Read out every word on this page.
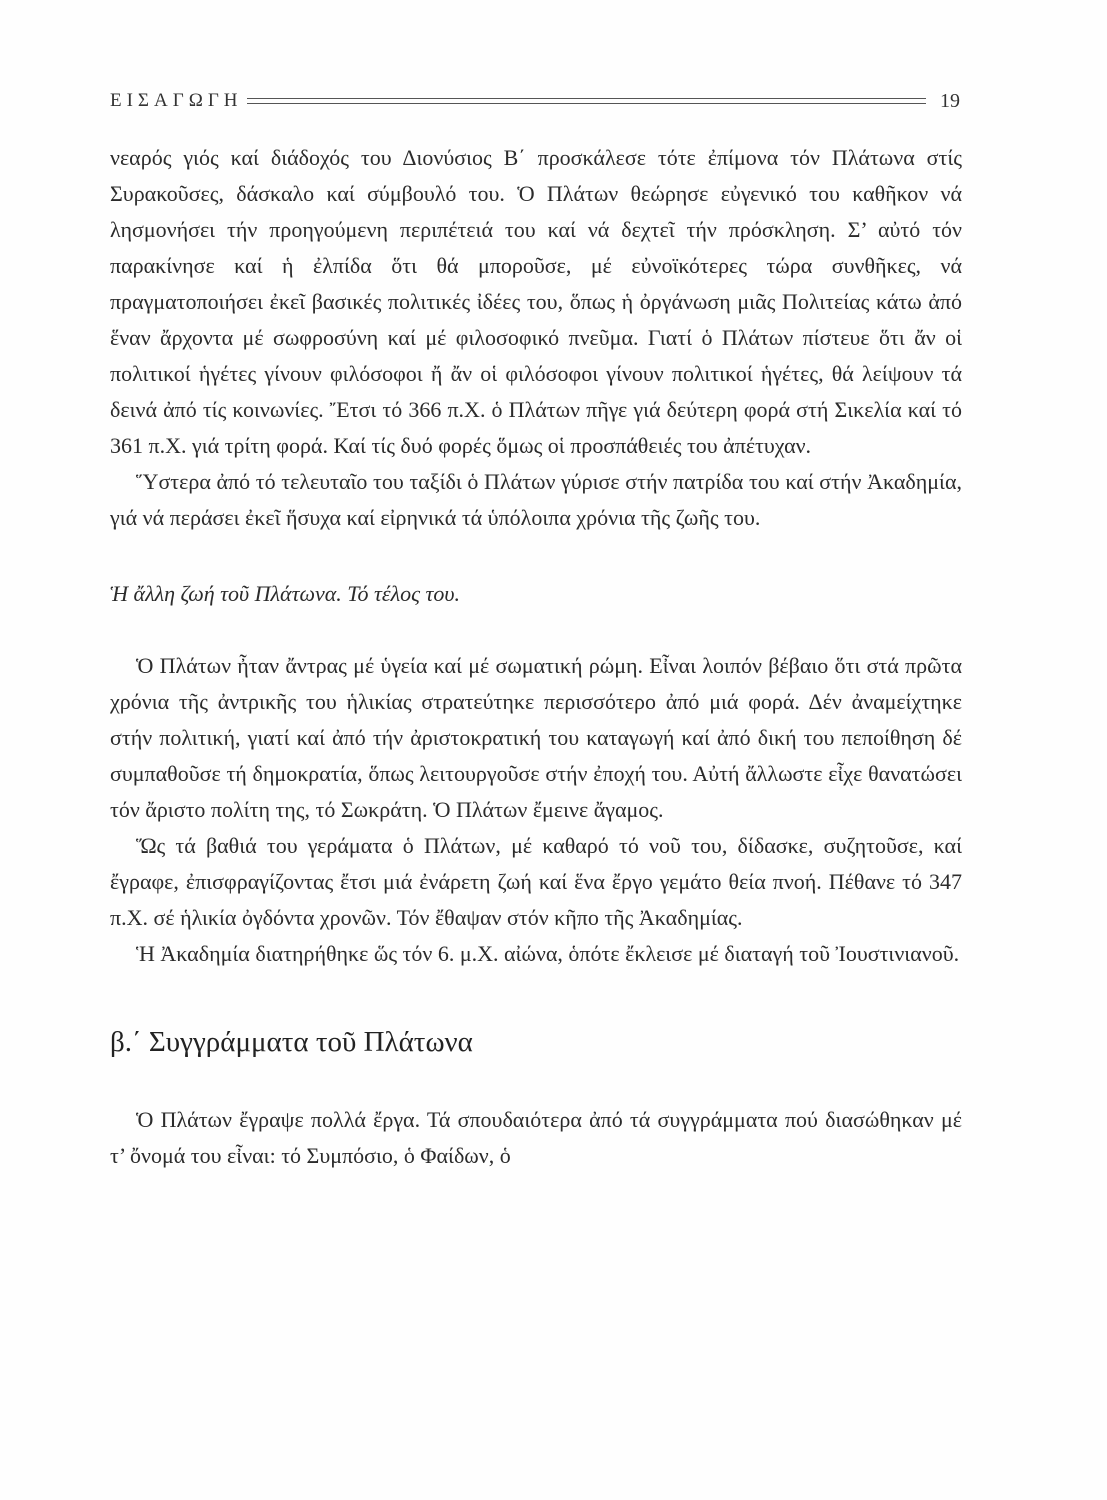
ΕΙΣΑΓΩΓΗ	19

νεαρός γιός καί διάδοχός του Διονύσιος Β΄ προσκάλεσε τότε ἐπίμονα τόν Πλάτωνα στίς Συρακοῦσες, δάσκαλο καί σύμβουλό του. Ὁ Πλάτων θεώρησε εὐγενικό του καθῆκον νά λησμονήσει τήν προηγούμενη περιπέτειά του καί νά δεχτεῖ τήν πρόσκληση. Σ’ αὐτό τόν παρακίνησε καί ἡ ἐλπίδα ὅτι θά μποροῦσε, μέ εὐνοϊκότερες τώρα συνθῆκες, νά πραγματοποιήσει ἐκεῖ βασικές πολιτικές ἰδέες του, ὅπως ἡ ὀργάνωση μιᾶς Πολιτείας κάτω ἀπό ἕναν ἄρχοντα μέ σωφροσύνη καί μέ φιλοσοφικό πνεῦμα. Γιατί ὁ Πλάτων πίστευε ὅτι ἄν οἱ πολιτικοί ἡγέτες γίνουν φιλόσοφοι ἤ ἄν οἱ φιλόσοφοι γίνουν πολιτικοί ἡγέτες, θά λείψουν τά δεινά ἀπό τίς κοινωνίες. Ἔτσι τό 366 π.Χ. ὁ Πλάτων πῆγε γιά δεύτερη φορά στή Σικελία καί τό 361 π.Χ. γιά τρίτη φορά. Καί τίς δυό φορές ὅμως οἱ προσπάθειές του ἀπέτυχαν.

Ὕστερα ἀπό τό τελευταῖο του ταξίδι ὁ Πλάτων γύρισε στήν πατρίδα του καί στήν Ἀκαδημία, γιά νά περάσει ἐκεῖ ἥσυχα καί εἰρηνικά τά ὑπόλοιπα χρόνια τῆς ζωῆς του.

Ἡ ἄλλη ζωή τοῦ Πλάτωνα. Τό τέλος του.

Ὁ Πλάτων ἦταν ἄντρας μέ ὑγεία καί μέ σωματική ρώμη. Εἶναι λοιπόν βέβαιο ὅτι στά πρῶτα χρόνια τῆς ἀντρικῆς του ἡλικίας στρατεύτηκε περισσότερο ἀπό μιά φορά. Δέν ἀναμείχτηκε στήν πολιτική, γιατί καί ἀπό τήν ἀριστοκρατική του καταγωγή καί ἀπό δική του πεποίθηση δέ συμπαθοῦσε τή δημοκρατία, ὅπως λειτουργοῦσε στήν ἐποχή του. Αὐτή ἄλλωστε εἶχε θανατώσει τόν ἄριστο πολίτη της, τό Σωκράτη. Ὁ Πλάτων ἔμεινε ἄγαμος.

Ὥς τά βαθιά του γεράματα ὁ Πλάτων, μέ καθαρό τό νοῦ του, δίδασκε, συζητοῦσε, καί ἔγραφε, ἐπισφραγίζοντας ἔτσι μιά ἐνάρετη ζωή καί ἕνα ἔργο γεμάτο θεία πνοή. Πέθανε τό 347 π.Χ. σέ ἡλικία ὀγδόντα χρονῶν. Τόν ἔθαψαν στόν κῆπο τῆς Ἀκαδημίας.

Ἡ Ἀκαδημία διατηρήθηκε ὥς τόν 6. μ.Χ. αἰώνα, ὁπότε ἔκλεισε μέ διαταγή τοῦ Ἰουστινιανοῦ.

β.΄ Συγγράμματα τοῦ Πλάτωνα

Ὁ Πλάτων ἔγραψε πολλά ἔργα. Τά σπουδαιότερα ἀπό τά συγγράμματα πού διασώθηκαν μέ τ’ ὄνομά του εἶναι: τό Συμπόσιο, ὁ Φαίδων, ὁ
